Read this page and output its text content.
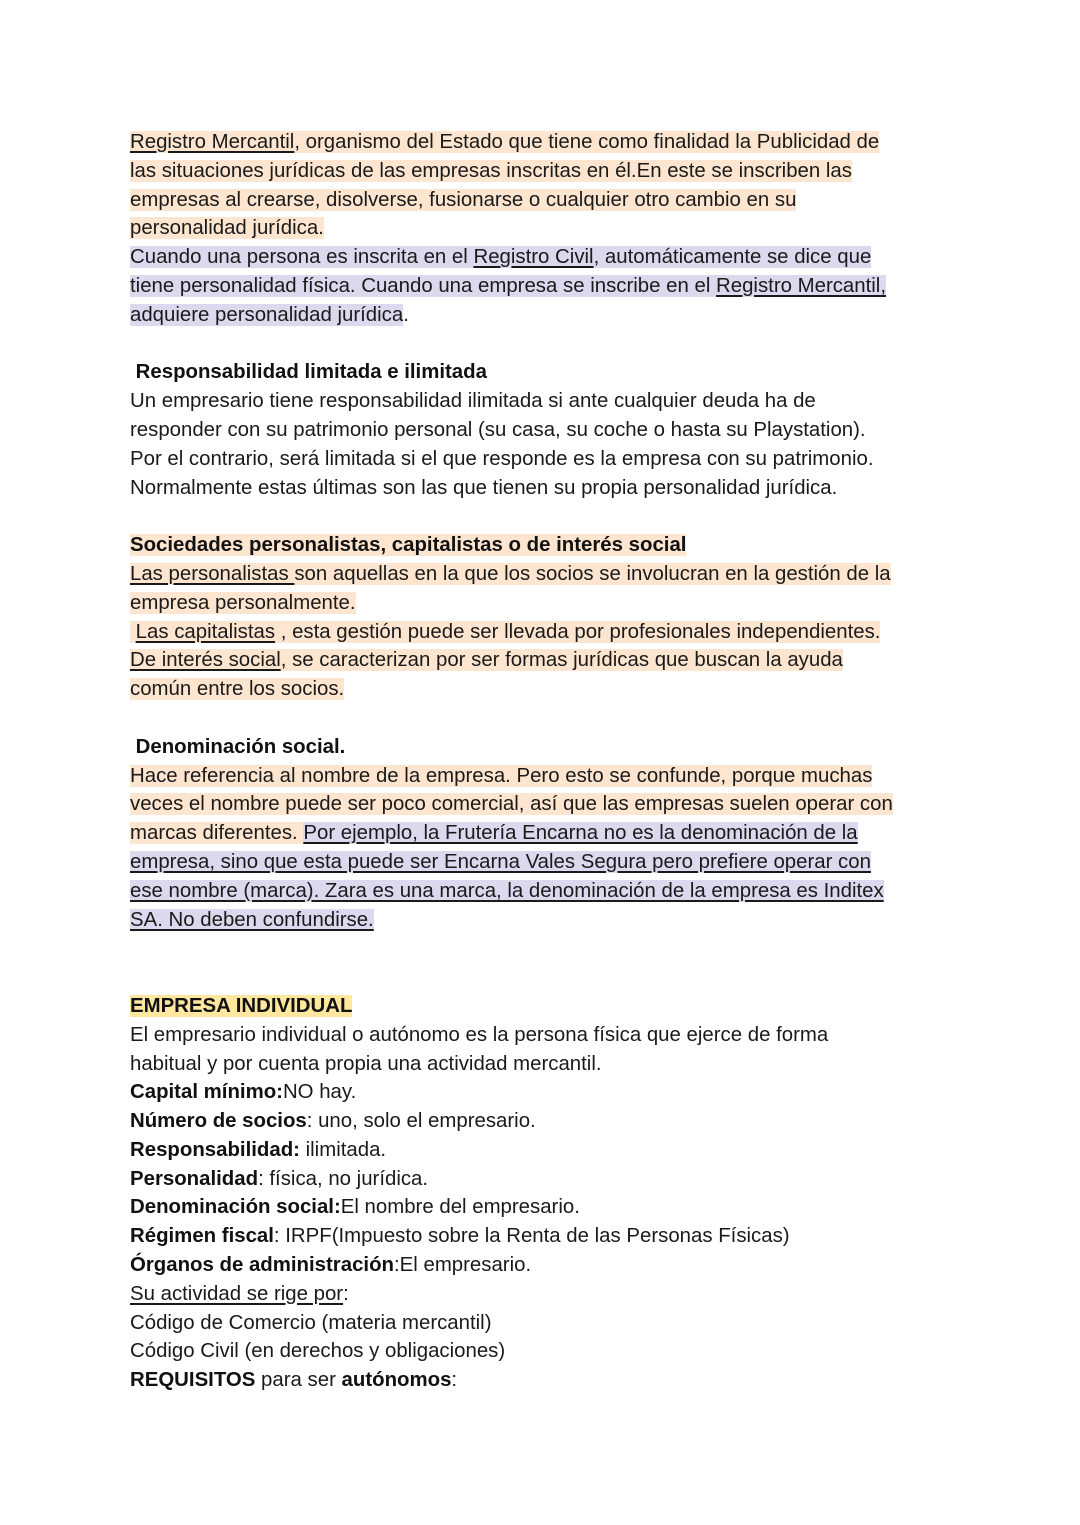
Registro Mercantil, organismo del Estado que tiene como finalidad la Publicidad de
las situaciones jurídicas de las empresas inscritas en él.En este se inscriben las
empresas al crearse, disolverse, fusionarse o cualquier otro cambio en su
personalidad jurídica.
Cuando una persona es inscrita en el Registro Civil, automáticamente se dice que
tiene personalidad física. Cuando una empresa se inscribe en el Registro Mercantil,
adquiere personalidad jurídica.
Responsabilidad limitada e ilimitada
Un empresario tiene responsabilidad ilimitada si ante cualquier deuda ha de
responder con su patrimonio personal (su casa, su coche o hasta su Playstation).
Por el contrario, será limitada si el que responde es la empresa con su patrimonio.
Normalmente estas últimas son las que tienen su propia personalidad jurídica.
Sociedades personalistas, capitalistas o de interés social
Las personalistas son aquellas en la que los socios se involucran en la gestión de la
empresa personalmente.
Las capitalistas , esta gestión puede ser llevada por profesionales independientes.
De interés social, se caracterizan por ser formas jurídicas que buscan la ayuda
común entre los socios.
Denominación social.
Hace referencia al nombre de la empresa. Pero esto se confunde, porque muchas
veces el nombre puede ser poco comercial, así que las empresas suelen operar con
marcas diferentes. Por ejemplo, la Frutería Encarna no es la denominación de la
empresa, sino que esta puede ser Encarna Vales Segura pero prefiere operar con
ese nombre (marca). Zara es una marca, la denominación de la empresa es Inditex
SA. No deben confundirse.
EMPRESA INDIVIDUAL
El empresario individual o autónomo es la persona física que ejerce de forma
habitual y por cuenta propia una actividad mercantil.
Capital mínimo:NO hay.
Número de socios: uno, solo el empresario.
Responsabilidad: ilimitada.
Personalidad: física, no jurídica.
Denominación social:El nombre del empresario.
Régimen fiscal: IRPF(Impuesto sobre la Renta de las Personas Físicas)
Órganos de administración:El empresario.
Su actividad se rige por:
Código de Comercio (materia mercantil)
Código Civil (en derechos y obligaciones)
REQUISITOS para ser autónomos:
